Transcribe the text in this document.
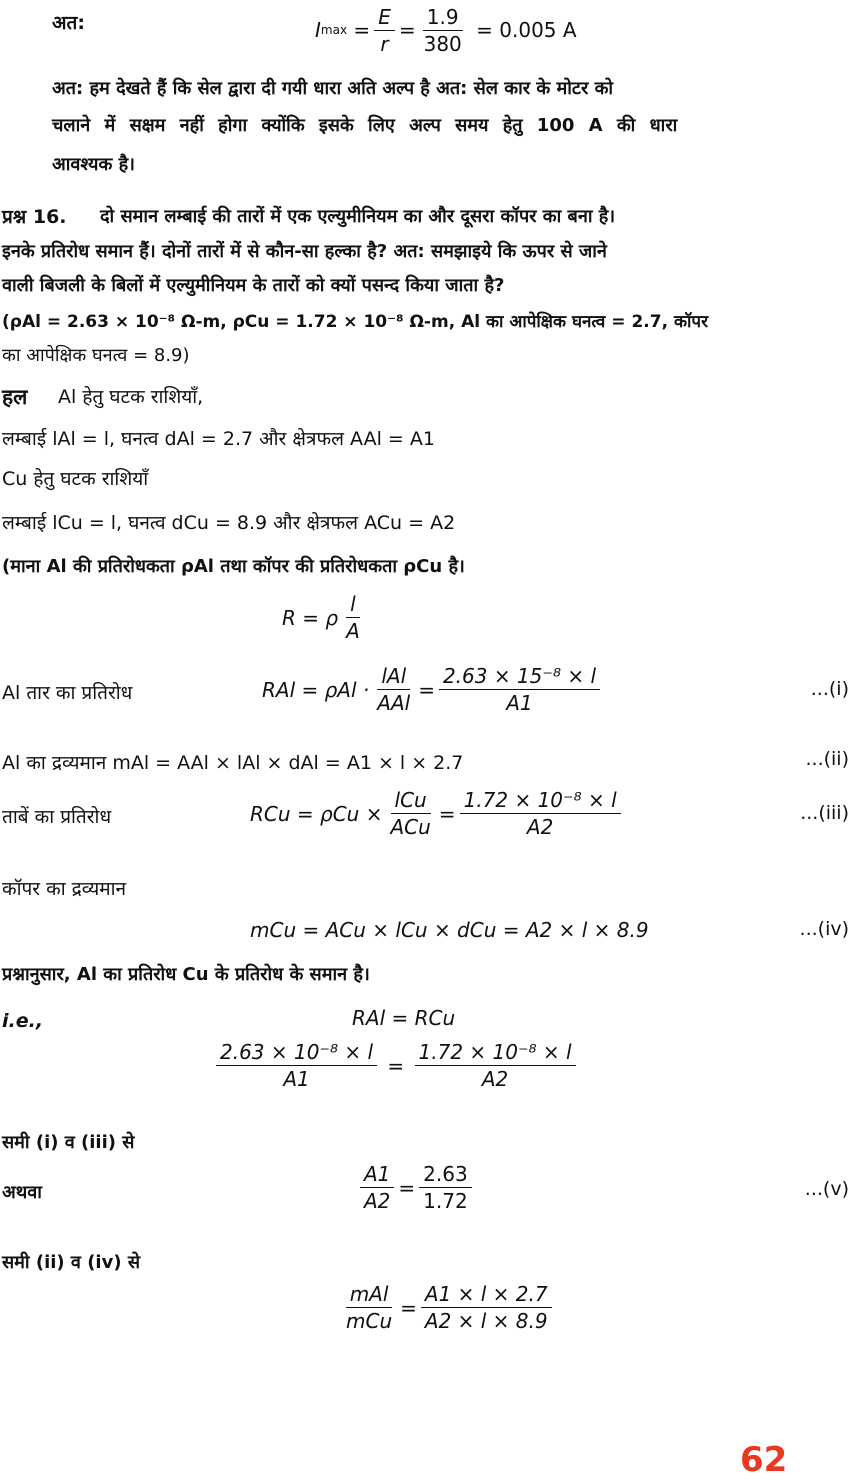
अत:	I $\max = \frac{E}{r} = \frac{1.9}{380}$
= 0.005 A
अत: हम देखते हैं कि सेल द्वारा दी गयी धारा अति अल्प है अत: सेल कार के मोटर को
चलाने में सक्षम नहीं होगा क्योंकि इसके लिए अल्प समय हेतु 100 A की धारा
आवश्यक है।
प्रश्न 16. दो समान लम्बाई की तारों में एक एल्युमीनियम का और दूसरा कॉपर का बना है।
इनके प्रतिरोध समान हैं। दोनों तारों में से कौन-सा हल्का है? अत: समझाइये कि ऊपर से जाने
वाली बिजली के बिलों में एल्युमीनियम के तारों को क्यों पसन्द किया जाता है?
(ρAl = 2.63 × 10⁻⁸ Ω-m, ρCu = 1.72 × 10⁻⁸ Ω-m, Al का आपेक्षिक घनत्व = 2.7, कॉपर
का आपेक्षिक घनत्व = 8.9)
हल Al हेतु घटक राशियाँ,
लम्बाई lAl = l, घनत्व dAl = 2.7 और क्षेत्रफल AAl = A1
Cu हेतु घटक राशियाँ
लम्बाई lCu = l, घनत्व dCu = 8.9 और क्षेत्रफल ACu = A2
(माना Al की प्रतिरोधकता ρAl तथा कॉपर की प्रतिरोधकता ρCu है।
R = ρ $\frac{l}{A}$
Al तार का प्रतिरोध	RAl = $\rho Al \cdot \frac{\text{lAl}}{\text{AAl}} = \frac{\text{2.63 × 15⁻⁸ × l}}{A1}$	...(i)
Al का द्रव्यमान mAl = AAl × lAl × dAl = A1 × l × 2.7	...(ii)
ताबें का प्रतिरोध	RCu = $\rho Cu \times \frac{\text{lCu}}{\text{ACu}} = \frac{\text{1.72 × 10⁻⁸ × l}}{A2}$	...(iii)
कॉपर का द्रव्यमान
mCu = ACu × lCu × dCu = A2 × l × 8.9	...(iv)
प्रश्नानुसार, Al का प्रतिरोध Cu के प्रतिरोध के समान है।
i.e.,	RAl = RCu
$\frac{\text{2.63 × 10⁻⁸ × l}}{A1} = \frac{\text{1.72 × 10⁻⁸ × l}}{A2}$
समी (i) व (iii) से
अथवा	$\frac{A1}{A2} = \frac{2.63}{1.72}$	...(v)
समी (ii) व (iv) से
$\frac{\text{mAl}}{\text{mCu}} = \frac{A1 \times l \times 2.7}{A2 \times l \times 8.9}$
62
